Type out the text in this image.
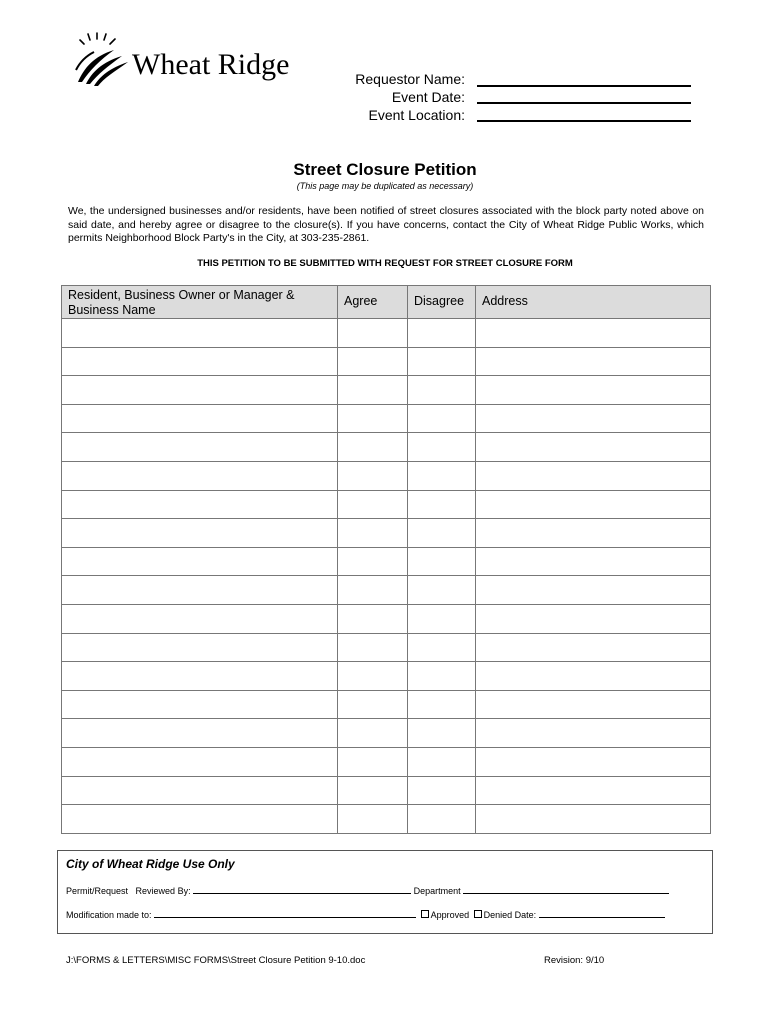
Wheat Ridge	Requestor Name:
Event Date:
Event Location:
Street Closure Petition
(This page may be duplicated as necessary)
We, the undersigned businesses and/or residents, have been notified of street closures associated with the block party noted above on said date, and hereby agree or disagree to the closure(s). If you have concerns, contact the City of Wheat Ridge Public Works, which permits Neighborhood Block Party's in the City, at 303-235-2861.
THIS PETITION TO BE SUBMITTED WITH REQUEST FOR STREET CLOSURE FORM
Resident, Business Owner or Manager & Business Name	Agree	Disagree	Address

City of Wheat Ridge Use Only
Permit/Request Reviewed By:	Department
Modification made to:	Approved Denied Date:
J:\FORMS & LETTERS\MISC FORMS\Street Closure Petition 9-10.doc	Revision: 9/10
